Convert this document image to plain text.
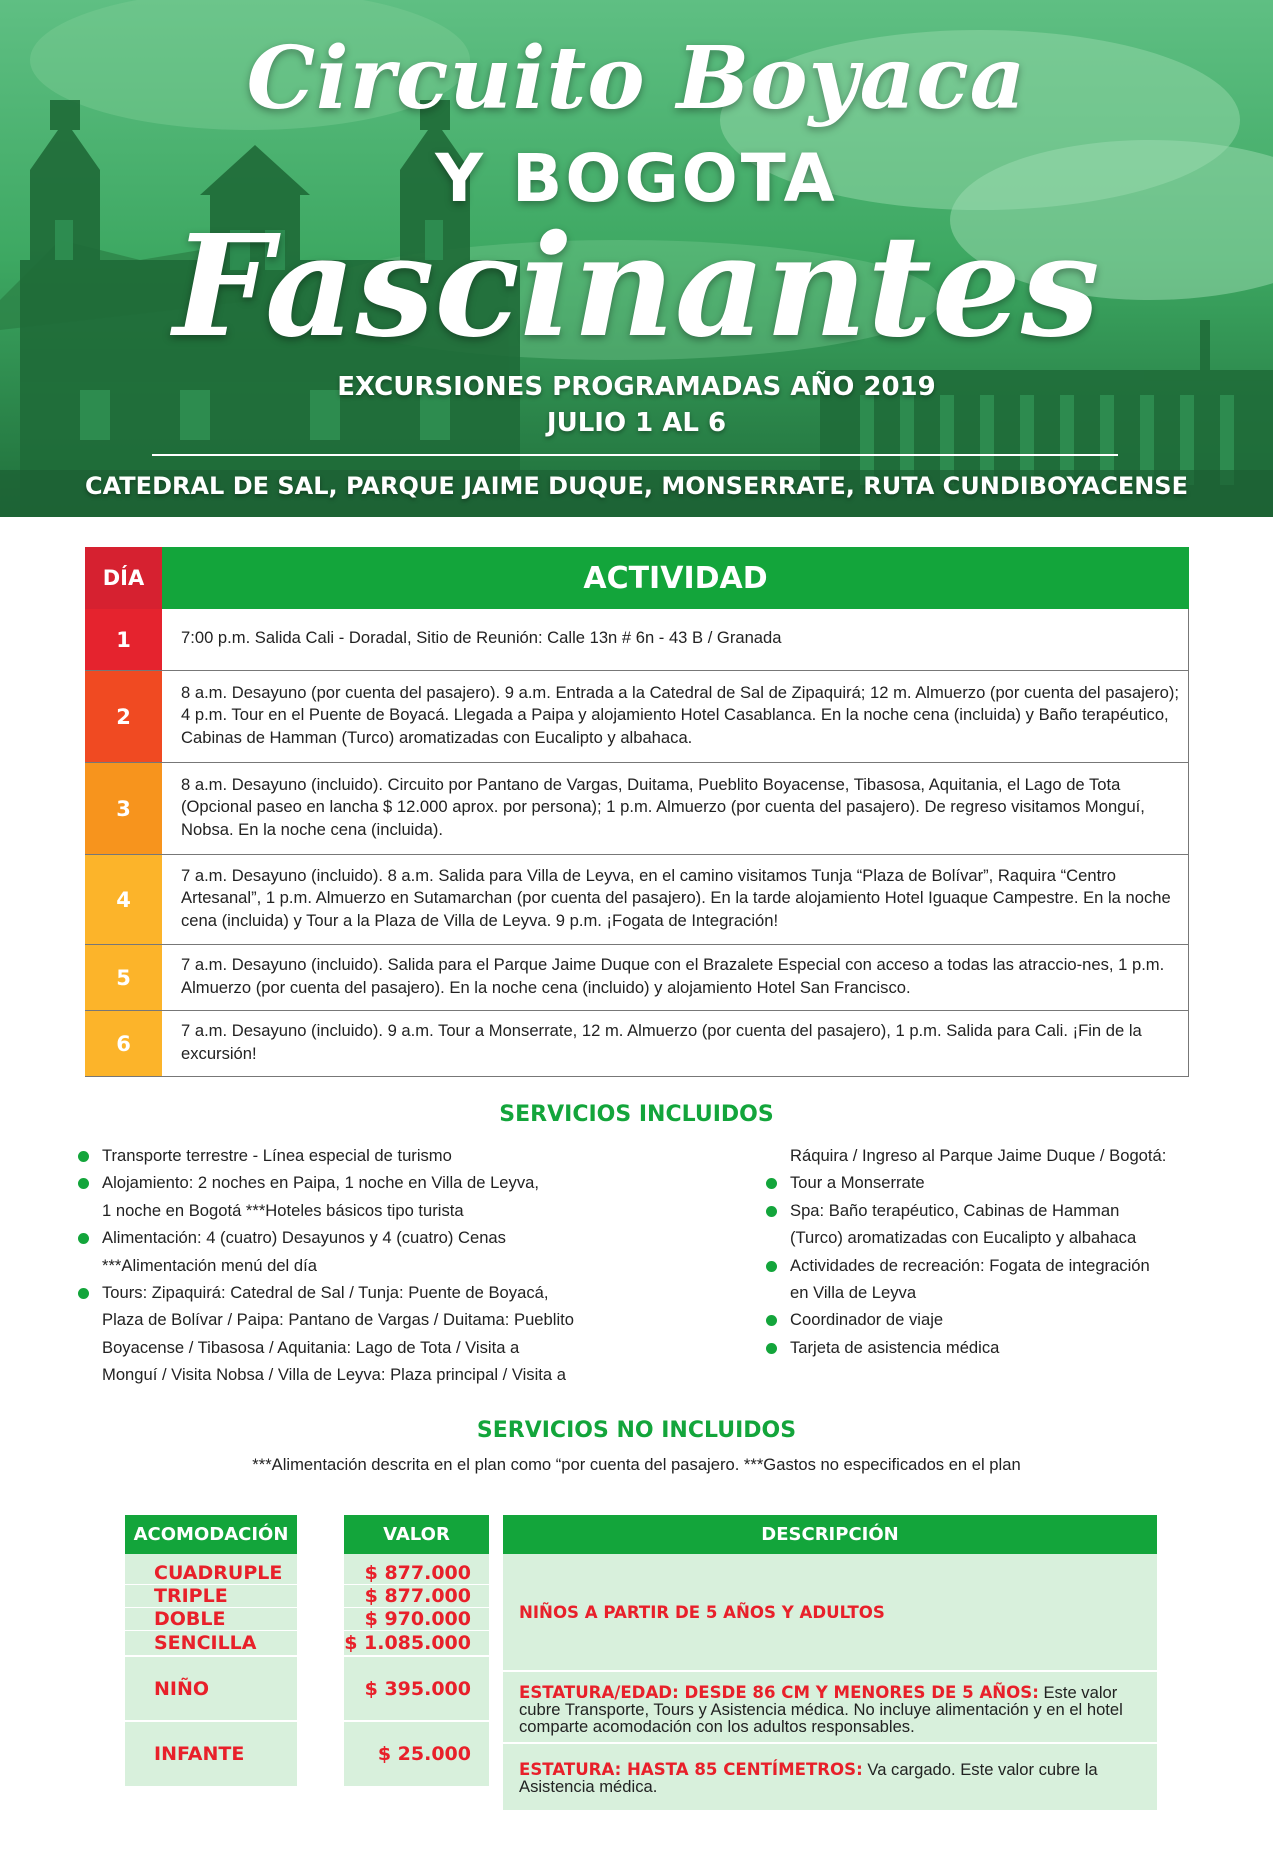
Circuito Boyaca
Y BOGOTA
Fascinantes
EXCURSIONES PROGRAMADAS AÑO 2019
JULIO 1 AL 6
CATEDRAL DE SAL, PARQUE JAIME DUQUE, MONSERRATE, RUTA CUNDIBOYACENSE
DÍA	ACTIVIDAD
1	7:00 p.m. Salida Cali - Doradal, Sitio de Reunión: Calle 13n # 6n - 43 B / Granada
2
8 a.m. Desayuno (por cuenta del pasajero). 9 a.m. Entrada a la Catedral de Sal de Zipaquirá; 12 m. Almuerzo (por cuenta del pasajero); 4 p.m. Tour en el Puente de Boyacá. Llegada a Paipa y alojamiento Hotel Casablanca. En la noche cena (incluida) y Baño terapéutico, Cabinas de Hamman (Turco) aromatizadas con Eucalipto y albahaca.
3
8 a.m. Desayuno (incluido). Circuito por Pantano de Vargas, Duitama, Pueblito Boyacense, Tibasosa, Aquitania, el Lago de Tota (Opcional paseo en lancha $ 12.000 aprox. por persona); 1 p.m. Almuerzo (por cuenta del pasajero). De regreso visitamos Monguí, Nobsa. En la noche cena (incluida).
4
7 a.m. Desayuno (incluido). 8 a.m. Salida para Villa de Leyva, en el camino visitamos Tunja “Plaza de Bolívar”, Raquira “Centro Artesanal”, 1 p.m. Almuerzo en Sutamarchan (por cuenta del pasajero). En la tarde alojamiento Hotel Iguaque Campestre. En la noche cena (incluida) y Tour a la Plaza de Villa de Leyva. 9 p.m. ¡Fogata de Integración!
5
7 a.m. Desayuno (incluido). Salida para el Parque Jaime Duque con el Brazalete Especial con acceso a todas las atraccio-nes, 1 p.m. Almuerzo (por cuenta del pasajero). En la noche cena (incluido) y alojamiento Hotel San Francisco.
6
7 a.m. Desayuno (incluido). 9 a.m. Tour a Monserrate, 12 m. Almuerzo (por cuenta del pasajero), 1 p.m. Salida para Cali. ¡Fin de la excursión!
SERVICIOS INCLUIDOS
Transporte terrestre - Línea especial de turismo
Alojamiento: 2 noches en Paipa, 1 noche en Villa de Leyva,
1 noche en Bogotá ***Hoteles básicos tipo turista
Alimentación: 4 (cuatro) Desayunos y 4 (cuatro) Cenas
***Alimentación menú del día
Tours: Zipaquirá: Catedral de Sal / Tunja: Puente de Boyacá,
Plaza de Bolívar / Paipa: Pantano de Vargas / Duitama: Pueblito
Boyacense / Tibasosa / Aquitania: Lago de Tota / Visita a
Monguí / Visita Nobsa / Villa de Leyva: Plaza principal / Visita a
Ráquira / Ingreso al Parque Jaime Duque / Bogotá:
Tour a Monserrate
Spa: Baño terapéutico, Cabinas de Hamman
(Turco) aromatizadas con Eucalipto y albahaca
Actividades de recreación: Fogata de integración
en Villa de Leyva
Coordinador de viaje
Tarjeta de asistencia médica
SERVICIOS NO INCLUIDOS
***Alimentación descrita en el plan como “por cuenta del pasajero. ***Gastos no especificados en el plan
ACOMODACIÓN
CUADRUPLE
TRIPLE
DOBLE
SENCILLA
NIÑO
INFANTE
VALOR
$ 877.000
$ 877.000
$ 970.000
$ 1.085.000
$ 395.000
$ 25.000
DESCRIPCIÓN
NIÑOS A PARTIR DE 5 AÑOS Y ADULTOS
ESTATURA/EDAD: DESDE 86 CM Y MENORES DE 5 AÑOS: Este valor cubre Transporte, Tours y Asistencia médica. No incluye alimentación y en el hotel comparte acomodación con los adultos responsables.
ESTATURA: HASTA 85 CENTÍMETROS: Va cargado. Este valor cubre la Asistencia médica.
